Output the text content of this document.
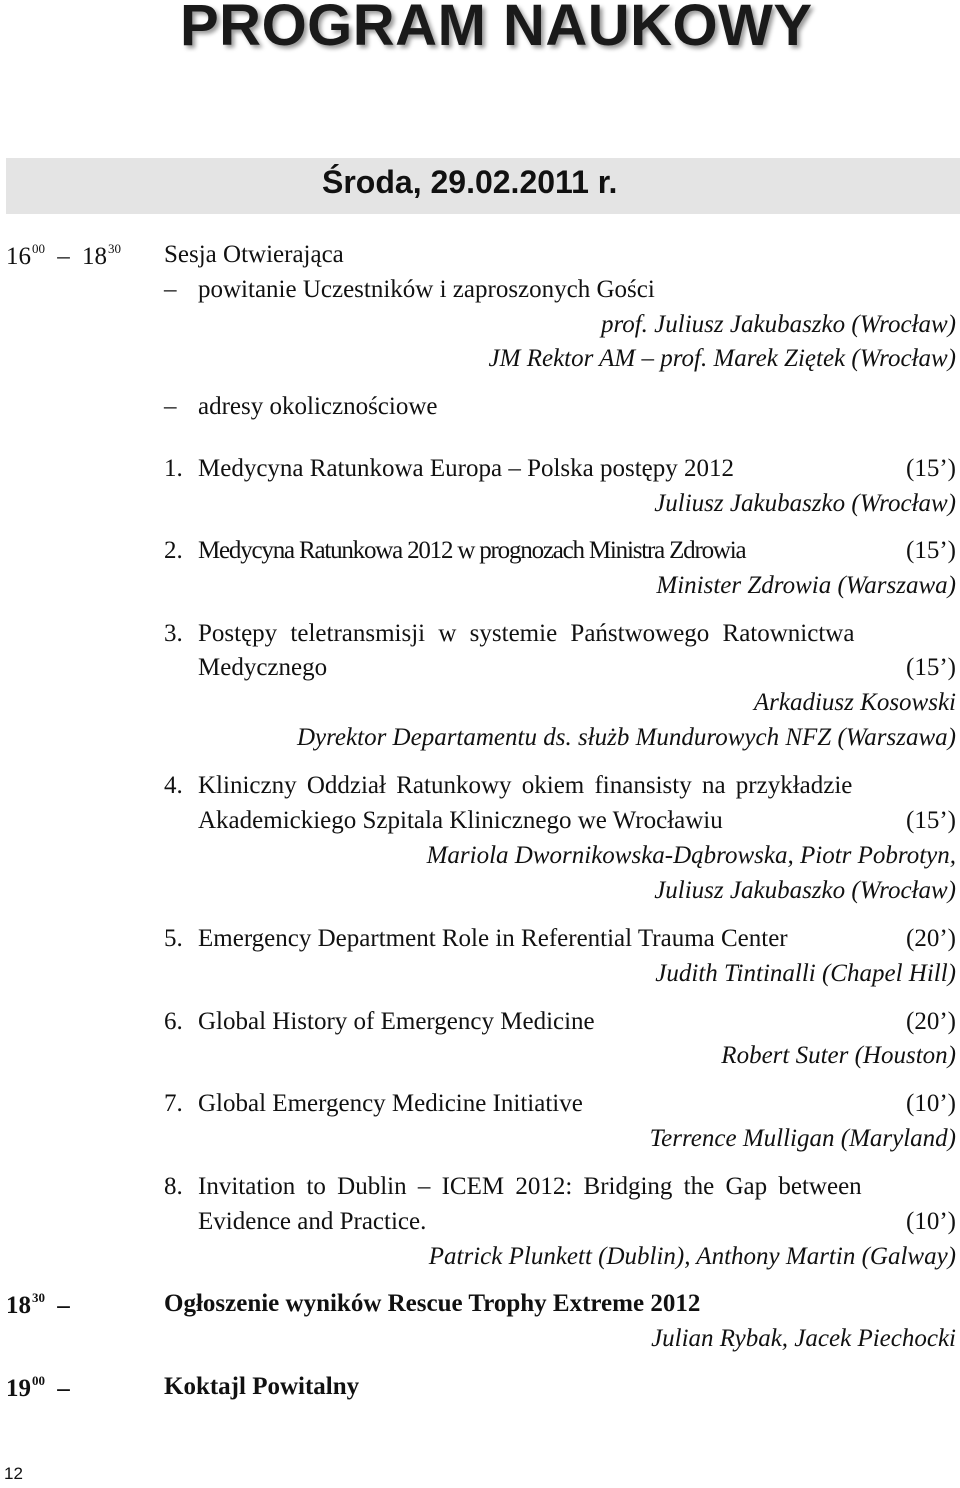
PROGRAM NAUKOWY
Środa, 29.02.2011 r.
$16^{00} - 18^{30}$ Sesja Otwierająca
– powitanie Uczestników i zaproszonych Gości
prof. Juliusz Jakubaszko (Wrocław)
JM Rektor AM – prof. Marek Ziętek (Wrocław)
– adresy okolicznościowe
1. Medycyna Ratunkowa Europa – Polska postępy 2012	(15’)
Juliusz Jakubaszko (Wrocław)
2. Medycyna Ratunkowa 2012 w prognozach Ministra Zdrowia	(15’)
Minister Zdrowia (Warszawa)
3. Postępy teletransmisji w systemie Państwowego Ratownictwa
Medycznego	(15’)
Arkadiusz Kosowski
Dyrektor Departamentu ds. służb Mundurowych NFZ (Warszawa)
4. Kliniczny Oddział Ratunkowy okiem finansisty na przykładzie
Akademickiego Szpitala Klinicznego we Wrocławiu	(15’)
Mariola Dwornikowska-Dąbrowska, Piotr Pobrotyn,
Juliusz Jakubaszko (Wrocław)
5. Emergency Department Role in Referential Trauma Center	(20’)
Judith Tintinalli (Chapel Hill)
6. Global History of Emergency Medicine	(20’)
Robert Suter (Houston)
7. Global Emergency Medicine Initiative	(10’)
Terrence Mulligan (Maryland)
8. Invitation to Dublin – ICEM 2012: Bridging the Gap between
Evidence and Practice.	(10’)
Patrick Plunkett (Dublin), Anthony Martin (Galway)
$18^{30}$ –	Ogłoszenie wyników Rescue Trophy Extreme 2012
Julian Rybak, Jacek Piechocki
$19^{00}$ –	Koktajl Powitalny
12
